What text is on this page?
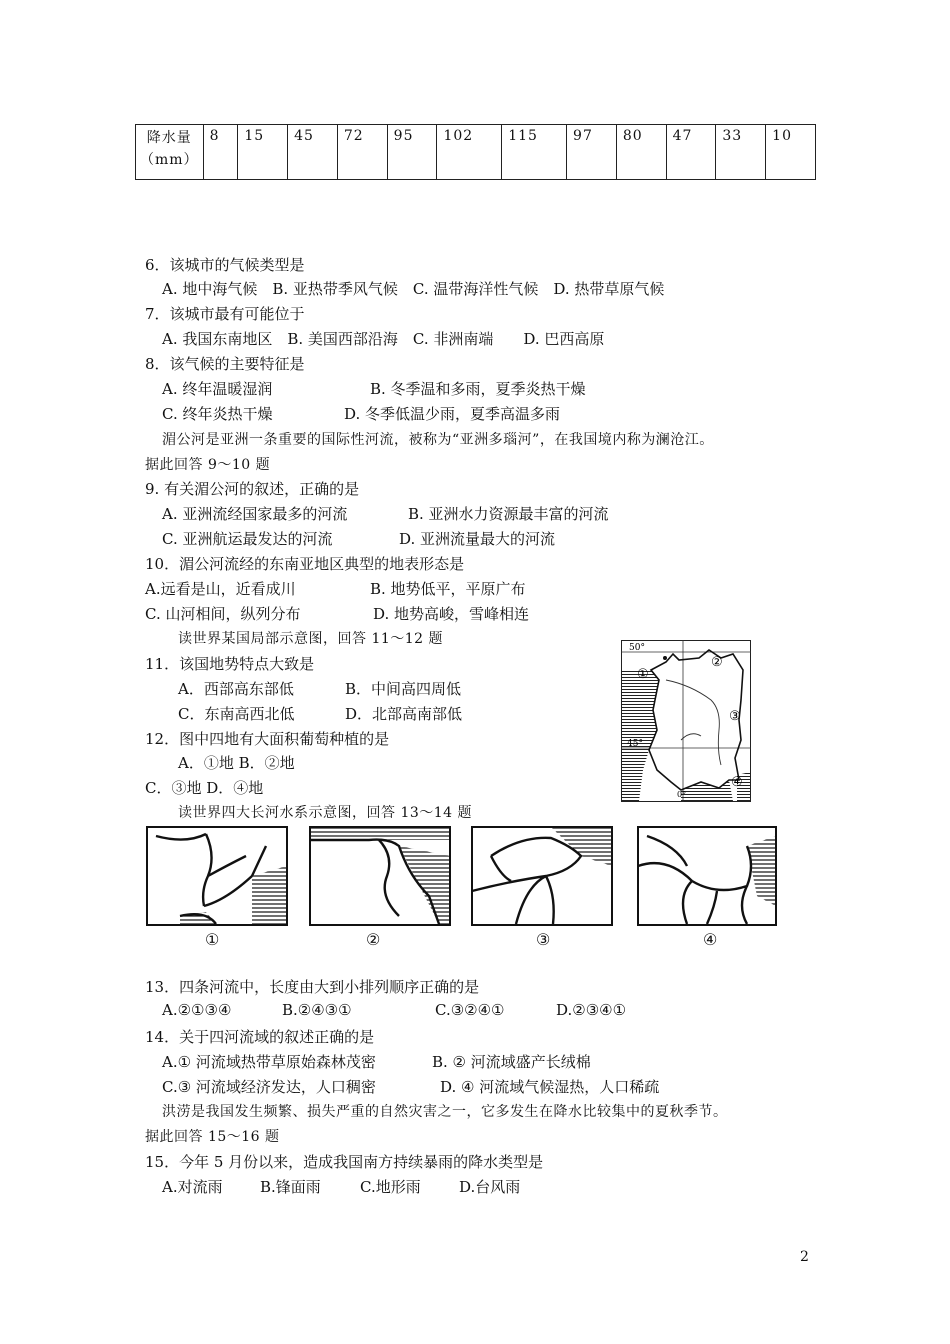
降水量
（mm）
	8	15	45	72	95	102	115	97	80	47	33	10
6．该城市的气候类型是
A. 地中海气候　B. 亚热带季风气候　C. 温带海洋性气候　D. 热带草原气候
7．该城市最有可能位于
A. 我国东南地区　B. 美国西部沿海　C. 非洲南端　　D. 巴西高原
8．该气候的主要特征是
A. 终年温暖湿润	B. 冬季温和多雨，夏季炎热干燥
C. 终年炎热干燥	D. 冬季低温少雨，夏季高温多雨
湄公河是亚洲一条重要的国际性河流，被称为“亚洲多瑙河”，在我国境内称为澜沧江。
据此回答 9～10 题
9. 有关湄公河的叙述，正确的是
A. 亚洲流经国家最多的河流	B. 亚洲水力资源最丰富的河流
C. 亚洲航运最发达的河流	D. 亚洲流量最大的河流
10．湄公河流经的东南亚地区典型的地表形态是
A.远看是山，近看成川	B. 地势低平，平原广布
C. 山河相间，纵列分布	D. 地势高峻，雪峰相连
读世界某国局部示意图，回答 11～12 题
11．该国地势特点大致是
A．西部高东部低	B．中间高四周低
C．东南高西北低	D．北部高南部低
12．图中四地有大面积葡萄种植的是
A．①地 B．②地
C．③地 D．④地
读世界四大长河水系示意图，回答 13～14 题
50°
45°
0°
①
②
③
④
①	②	③	④
13．四条河流中，长度由大到小排列顺序正确的是
A.②①③④	B.②④③①	C.③②④①	D.②③④①
14．关于四河流域的叙述正确的是
A.① 河流域热带草原始森林茂密	B. ② 河流域盛产长绒棉
C.③ 河流域经济发达，人口稠密	D. ④ 河流域气候湿热，人口稀疏
洪涝是我国发生频繁、损失严重的自然灾害之一，它多发生在降水比较集中的夏秋季节。
据此回答 15～16 题
15．今年 5 月份以来，造成我国南方持续暴雨的降水类型是
A.对流雨 B.锋面雨	C.地形雨	D.台风雨
2
